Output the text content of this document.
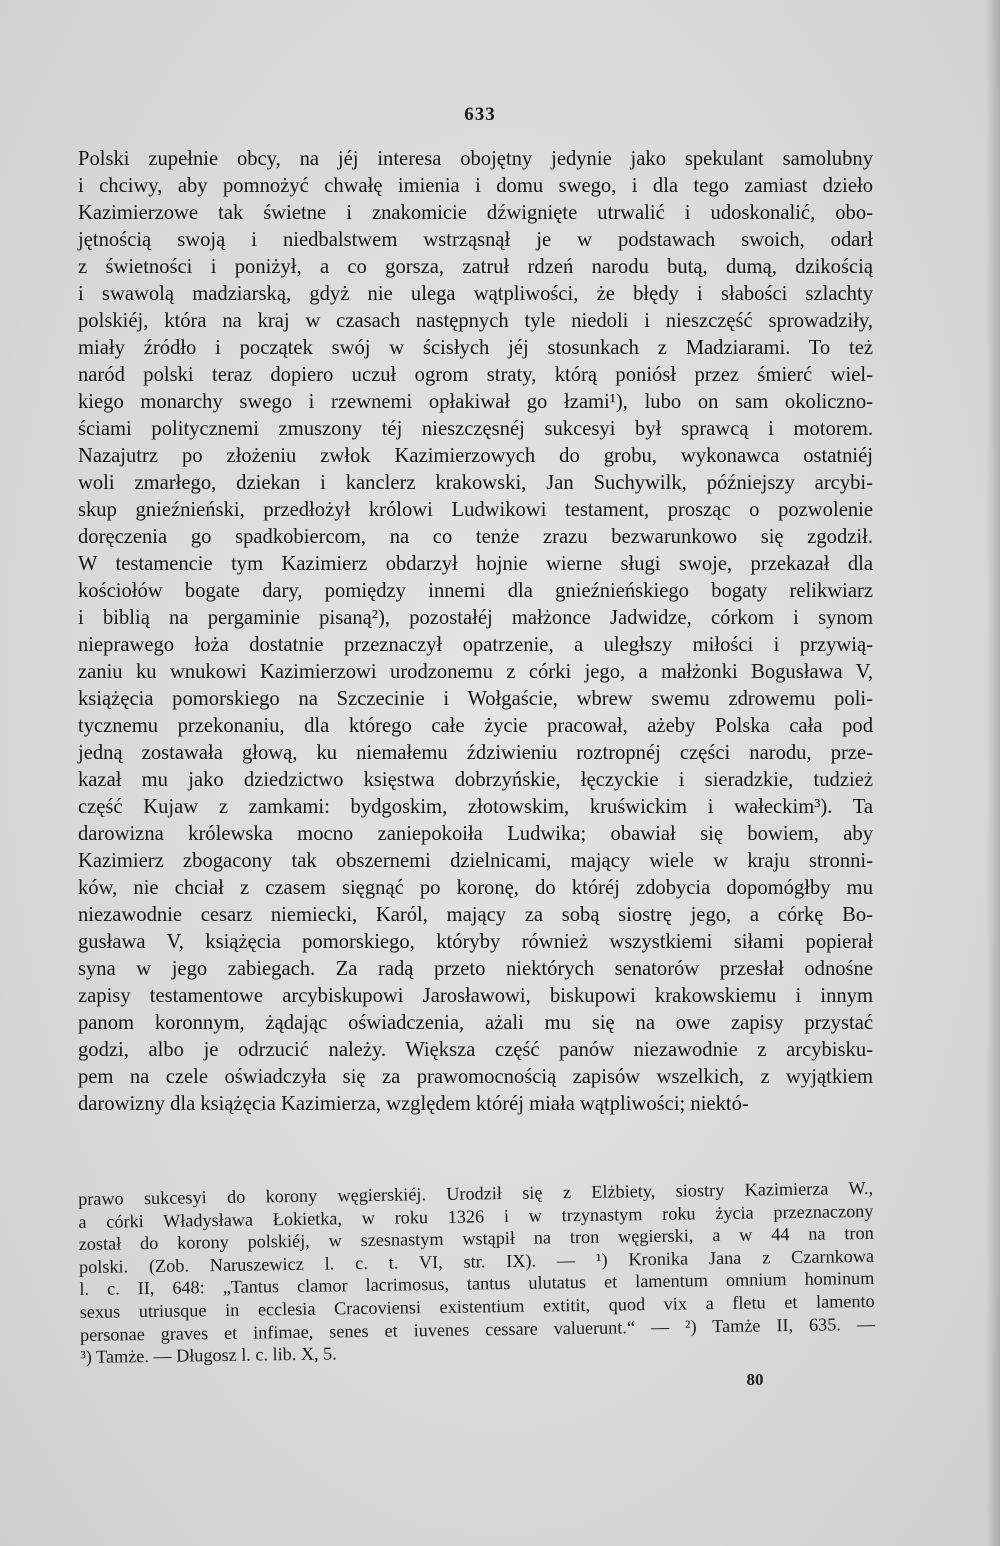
633
Polski zupełnie obcy, na jéj interesa obojętny jedynie jako spekulant samolubny
i chciwy, aby pomnożyć chwałę imienia i domu swego, i dla tego zamiast dzieło
Kazimierzowe tak świetne i znakomicie dźwignięte utrwalić i udoskonalić, obo-
jętnością swoją i niedbalstwem wstrząsnął je w podstawach swoich, odarł
z świetności i poniżył, a co gorsza, zatruł rdzeń narodu butą, dumą, dzikością
i swawolą madziarską, gdyż nie ulega wątpliwości, że błędy i słabości szlachty
polskiéj, która na kraj w czasach następnych tyle niedoli i nieszczęść sprowadziły,
miały źródło i początek swój w ścisłych jéj stosunkach z Madziarami. To też
naród polski teraz dopiero uczuł ogrom straty, którą poniósł przez śmierć wiel-
kiego monarchy swego i rzewnemi opłakiwał go łzami¹), lubo on sam okoliczno-
ściami politycznemi zmuszony téj nieszczęsnéj sukcesyi był sprawcą i motorem.
Nazajutrz po złożeniu zwłok Kazimierzowych do grobu, wykonawca ostatniéj
woli zmarłego, dziekan i kanclerz krakowski, Jan Suchywilk, późniejszy arcybi-
skup gnieźnieński, przedłożył królowi Ludwikowi testament, prosząc o pozwolenie
doręczenia go spadkobiercom, na co tenże zrazu bezwarunkowo się zgodził.
W testamencie tym Kazimierz obdarzył hojnie wierne sługi swoje, przekazał dla
kościołów bogate dary, pomiędzy innemi dla gnieźnieńskiego bogaty relikwiarz
i biblią na pergaminie pisaną²), pozostałéj małżonce Jadwidze, córkom i synom
nieprawego łoża dostatnie przeznaczył opatrzenie, a uległszy miłości i przywią-
zaniu ku wnukowi Kazimierzowi urodzonemu z córki jego, a małżonki Bogusława V,
książęcia pomorskiego na Szczecinie i Wołgaście, wbrew swemu zdrowemu poli-
tycznemu przekonaniu, dla którego całe życie pracował, ażeby Polska cała pod
jedną zostawała głową, ku niemałemu ździwieniu roztropnéj części narodu, prze-
kazał mu jako dziedzictwo księstwa dobrzyńskie, łęczyckie i sieradzkie, tudzież
część Kujaw z zamkami: bydgoskim, złotowskim, kruświckim i wałeckim³). Ta
darowizna królewska mocno zaniepokoiła Ludwika; obawiał się bowiem, aby
Kazimierz zbogacony tak obszernemi dzielnicami, mający wiele w kraju stronni-
ków, nie chciał z czasem sięgnąć po koronę, do któréj zdobycia dopomógłby mu
niezawodnie cesarz niemiecki, Karól, mający za sobą siostrę jego, a córkę Bo-
gusława V, książęcia pomorskiego, któryby również wszystkiemi siłami popierał
syna w jego zabiegach. Za radą przeto niektórych senatorów przesłał odnośne
zapisy testamentowe arcybiskupowi Jarosławowi, biskupowi krakowskiemu i innym
panom koronnym, żądając oświadczenia, ażali mu się na owe zapisy przystać
godzi, albo je odrzucić należy. Większa część panów niezawodnie z arcybisku-
pem na czele oświadczyła się za prawomocnością zapisów wszelkich, z wyjątkiem
darowizny dla książęcia Kazimierza, względem któréj miała wątpliwości; niektó-
prawo sukcesyi do korony węgierskiéj. Urodził się z Elżbiety, siostry Kazimierza W.,
a córki Władysława Łokietka, w roku 1326 i w trzynastym roku życia przeznaczony
został do korony polskiéj, w szesnastym wstąpił na tron węgierski, a w 44 na tron
polski. (Zob. Naruszewicz l. c. t. VI, str. IX). — ¹) Kronika Jana z Czarnkowa
l. c. II, 648: „Tantus clamor lacrimosus, tantus ulutatus et lamentum omnium hominum
sexus utriusque in ecclesia Cracoviensi existentium extitit, quod vix a fletu et lamento
personae graves et infimae, senes et iuvenes cessare valuerunt.“ — ²) Tamże II, 635. —
³) Tamże. — Długosz l. c. lib. X, 5.
80
